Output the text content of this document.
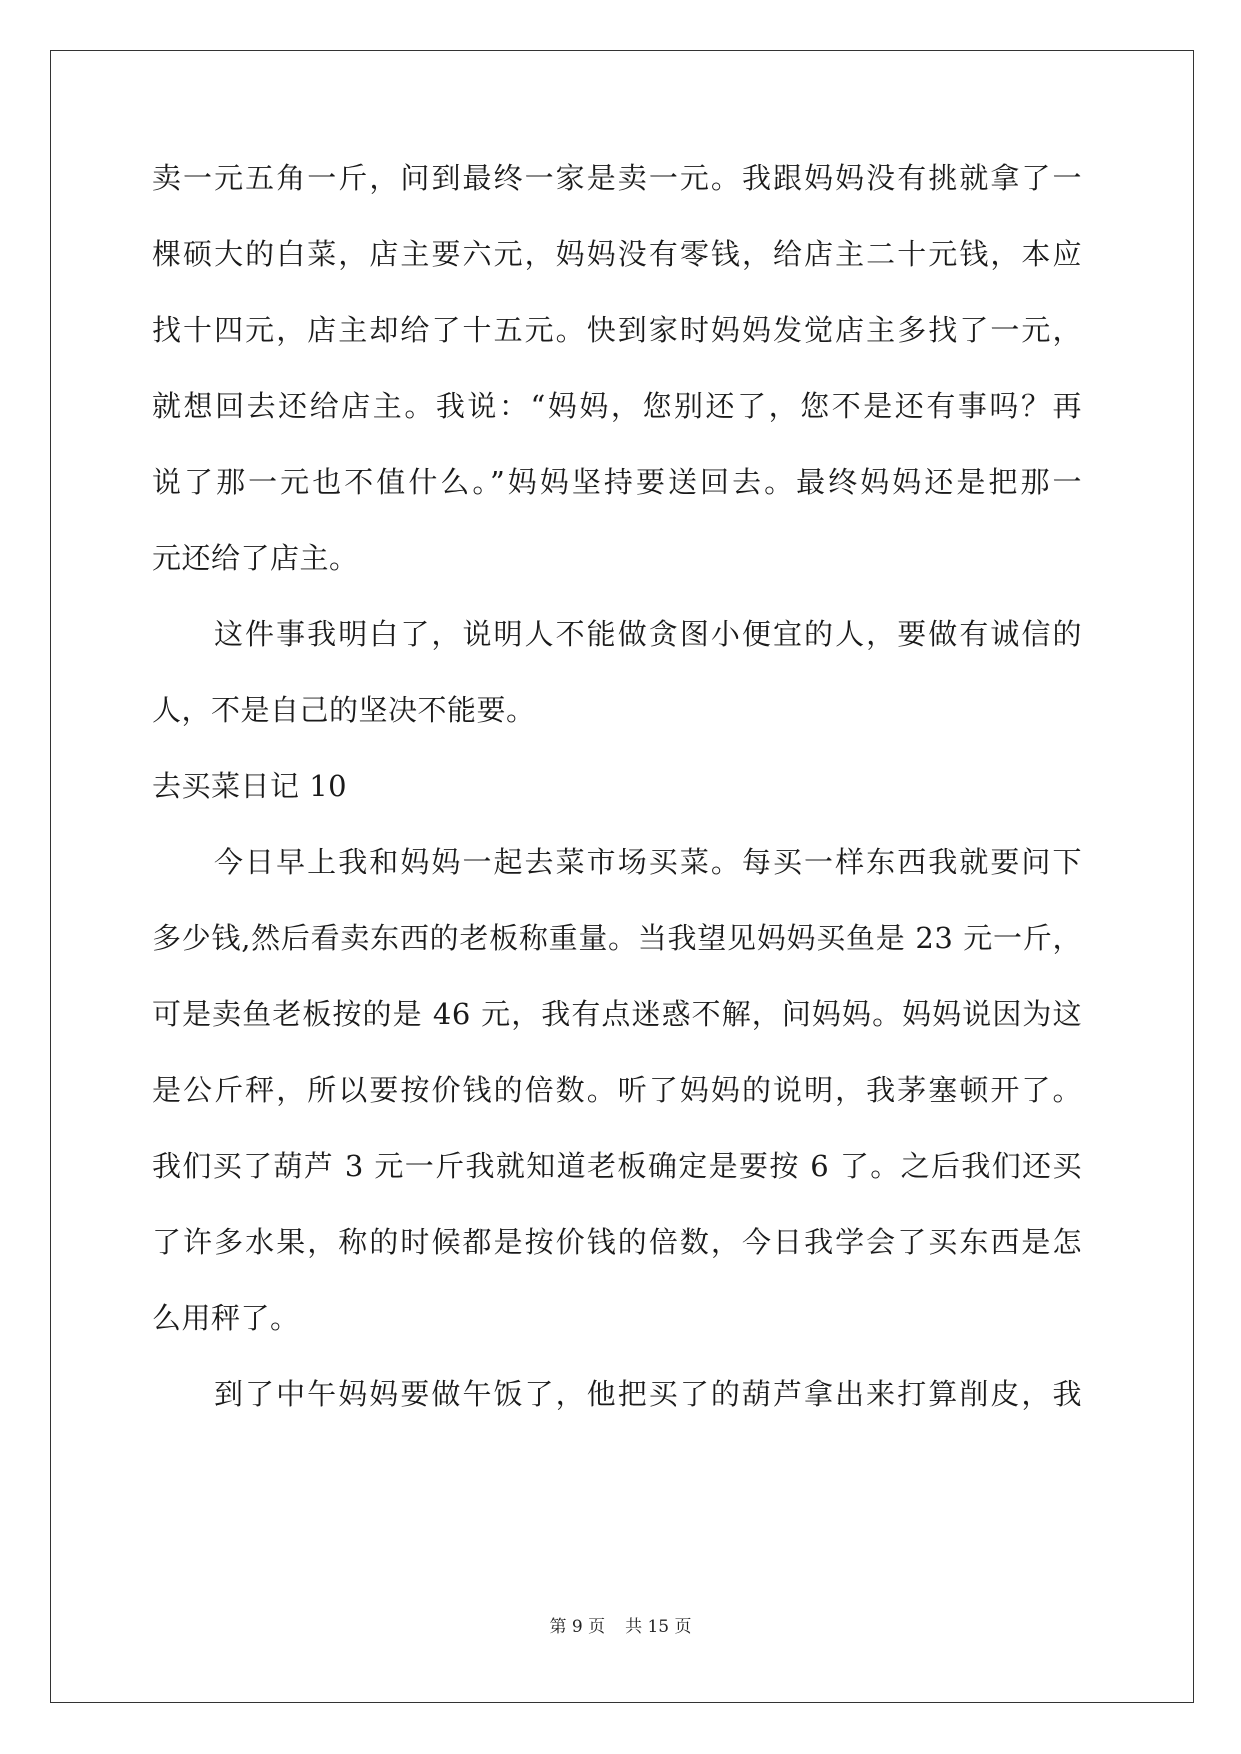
卖一元五角一斤，问到最终一家是卖一元。我跟妈妈没有挑就拿了一
棵硕大的白菜，店主要六元，妈妈没有零钱，给店主二十元钱，本应
找十四元，店主却给了十五元。快到家时妈妈发觉店主多找了一元，
就想回去还给店主。我说：“妈妈，您别还了，您不是还有事吗？再
说了那一元也不值什么。”妈妈坚持要送回去。最终妈妈还是把那一
元还给了店主。
这件事我明白了，说明人不能做贪图小便宜的人，要做有诚信的
人，不是自己的坚决不能要。
去买菜日记 10
今日早上我和妈妈一起去菜市场买菜。每买一样东西我就要问下
多少钱,然后看卖东西的老板称重量。当我望见妈妈买鱼是 23 元一斤，
可是卖鱼老板按的是 46 元，我有点迷惑不解，问妈妈。妈妈说因为这
是公斤秤，所以要按价钱的倍数。听了妈妈的说明，我茅塞顿开了。
我们买了葫芦 3 元一斤我就知道老板确定是要按 6 了。之后我们还买
了许多水果，称的时候都是按价钱的倍数，今日我学会了买东西是怎
么用秤了。
到了中午妈妈要做午饭了，他把买了的葫芦拿出来打算削皮，我
第 9 页 共 15 页
